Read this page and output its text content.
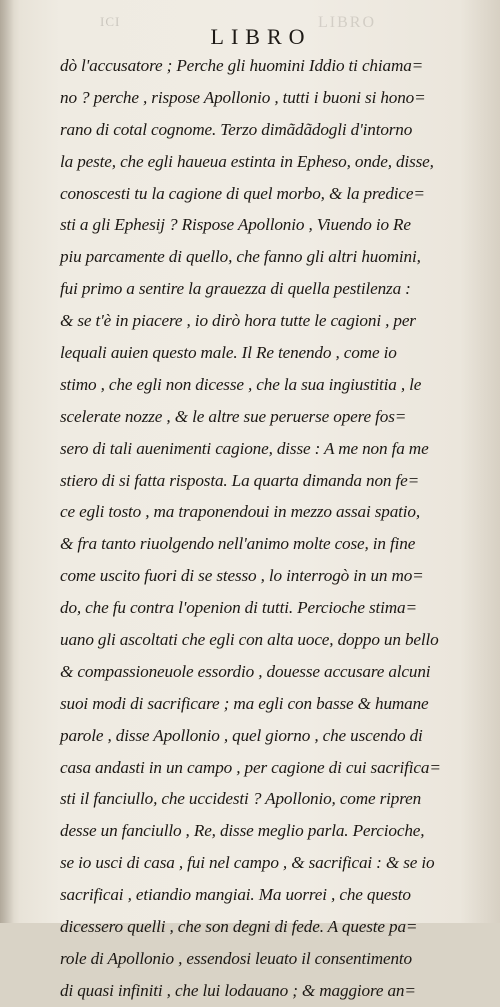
ICI	LIBRO
LIBRO
dò l'accusatore ; Perche gli huomini Iddio ti chiama=
no ? perche , rispose Apollonio , tutti i buoni si hono=
rano di cotal cognome. Terzo dimãdãdogli d'intorno
la peste, che egli haueua estinta in Epheso, onde, disse,
conoscesti tu la cagione di quel morbo, & la predice=
sti a gli Ephesij ? Rispose Apollonio , Viuendo io Re
piu parcamente di quello, che fanno gli altri huomini,
fui primo a sentire la grauezza di quella pestilenza :
& se t'è in piacere , io dirò hora tutte le cagioni , per
lequali auien questo male. Il Re tenendo , come io
stimo , che egli non dicesse , che la sua ingiustitia , le
scelerate nozze , & le altre sue peruerse opere fos=
sero di tali auenimenti cagione, disse : A me non fa me
stiero di si fatta risposta. La quarta dimanda non fe=
ce egli tosto , ma traponendoui in mezzo assai spatio,
& fra tanto riuolgendo nell'animo molte cose, in fine
come uscito fuori di se stesso , lo interrogò in un mo=
do, che fu contra l'openion di tutti. Percioche stima=
uano gli ascoltati che egli con alta uoce, doppo un bello
& compassioneuole essordio , douesse accusare alcuni
suoi modi di sacrificare ; ma egli con basse & humane
parole , disse Apollonio , quel giorno , che uscendo di
casa andasti in un campo , per cagione di cui sacrifica=
sti il fanciullo, che uccidesti ? Apollonio, come ripren
desse un fanciullo , Re, disse meglio parla. Percioche,
se io usci di casa , fui nel campo , & sacrificai : & se io
sacrificai , etiandio mangiai. Ma uorrei , che questo
dicessero quelli , che son degni di fede. A queste pa=
role di Apollonio , essendosi leuato il consentimento
di quasi infiniti , che lui lodauano ; & maggiore an=
